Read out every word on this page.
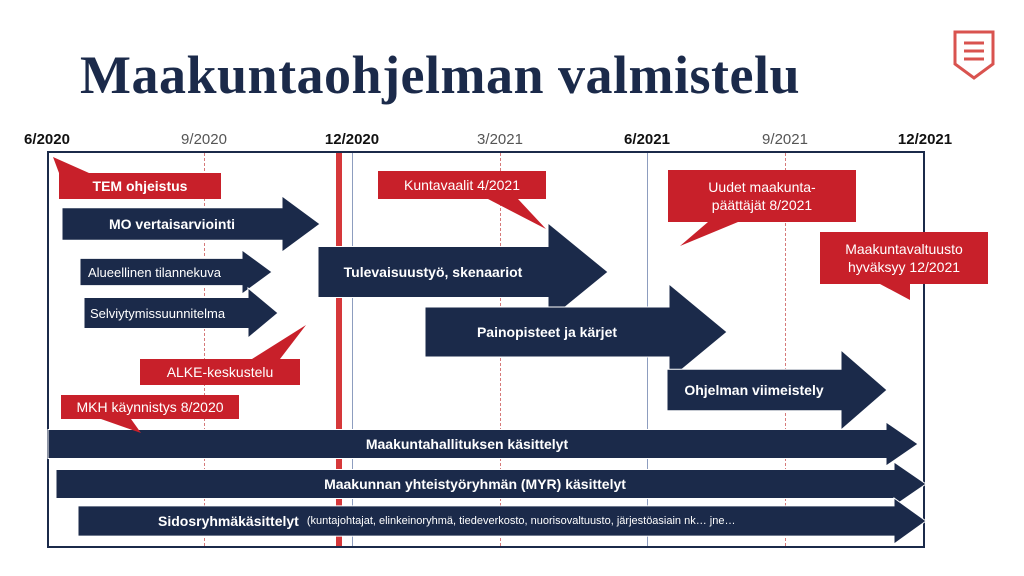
Maakuntaohjelman valmistelu
6/2020	9/2020	12/2020	3/2021	6/2021	9/2021	12/2021
MO vertaisarviointi
Alueellinen tilannekuva
Selviytymissuunnitelma
Tulevaisuustyö, skenaariot
Painopisteet ja kärjet
Ohjelman viimeistely
Maakuntahallituksen käsittelyt
Maakunnan yhteistyöryhmän (MYR) käsittelyt
Sidosryhmäkäsittelyt (kuntajohtajat, elinkeinoryhmä, tiedeverkosto, nuorisovaltuusto, järjestöasiain nk… jne…
TEM ohjeistus	Kuntavaalit 4/2021	Uudet maakunta-
päättäjät 8/2021
Maakuntavaltuusto
hyväksyy 12/2021
ALKE-keskustelu
MKH käynnistys 8/2020
